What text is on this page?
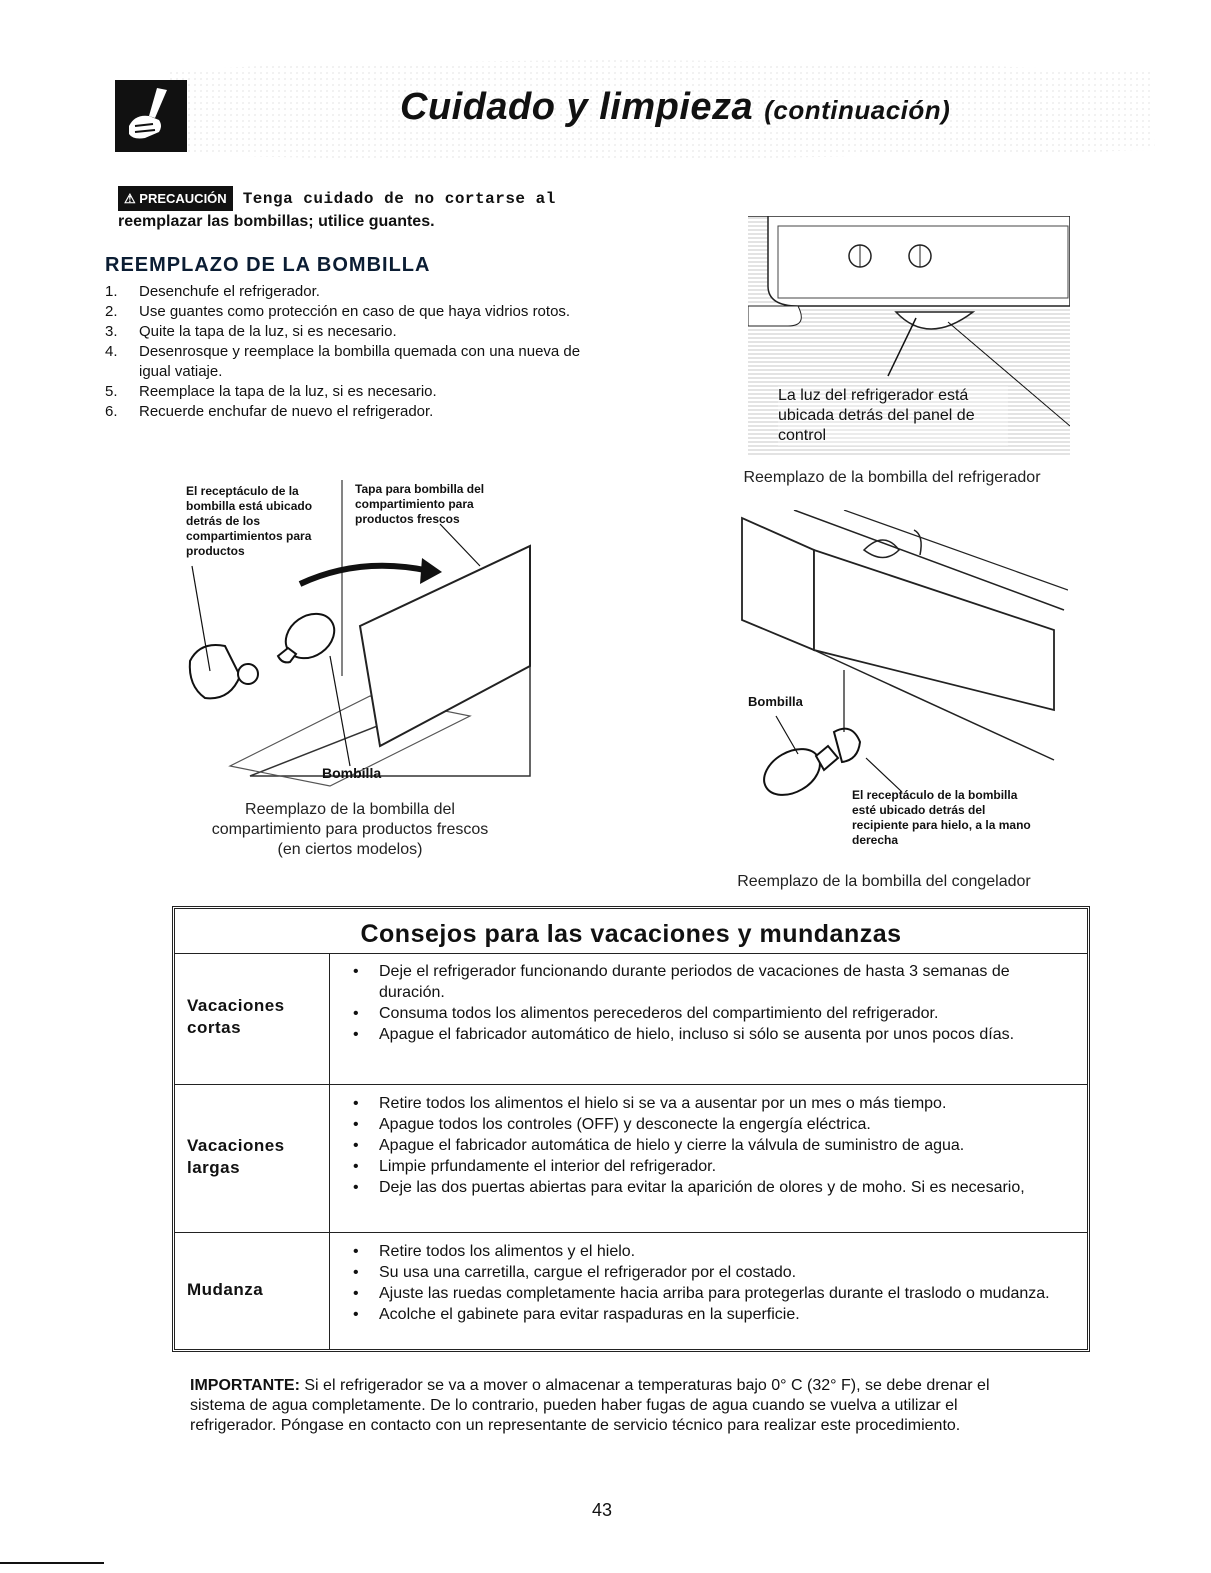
Cuidado y limpieza (continuación)
⚠ PRECAUCIÓN Tenga cuidado de no cortarse al
reemplazar las bombillas; utilice guantes.
REEMPLAZO DE LA BOMBILLA
1. Desenchufe el refrigerador.
2. Use guantes como protección en caso de que haya vidrios rotos.
3. Quite la tapa de la luz, si es necesario.
4. Desenrosque y reemplace la bombilla quemada con una nueva de igual vatiaje.
5. Reemplace la tapa de la luz, si es necesario.
6. Recuerde enchufar de nuevo el refrigerador.
El receptáculo de la bombilla está ubicado detrás de los compartimientos para productos
Tapa para bombilla del compartimiento para productos frescos
Bombilla
Reemplazo de la bombilla del
compartimiento para productos frescos
(en ciertos modelos)
La luz del refrigerador está ubicada detrás del panel de control
Reemplazo de la bombilla del refrigerador
Bombilla
El receptáculo de la bombilla esté ubicado detrás del recipiente para hielo, a la mano derecha
Reemplazo de la bombilla del congelador
Consejos para las vacaciones y mundanzas
Vacaciones cortas
• Deje el refrigerador funcionando durante periodos de vacaciones de hasta 3 semanas de duración.
• Consuma todos los alimentos perecederos del compartimiento del refrigerador.
• Apague el fabricador automático de hielo, incluso si sólo se ausenta por unos pocos días.
Vacaciones largas
• Retire todos los alimentos el hielo si se va a ausentar por un mes o más tiempo.
• Apague todos los controles (OFF) y desconecte la engergía eléctrica.
• Apague el fabricador automática de hielo y cierre la válvula de suministro de agua.
• Limpie prfundamente el interior del refrigerador.
• Deje las dos puertas abiertas para evitar la aparición de olores y de moho. Si es necesario,
Mudanza
• Retire todos los alimentos y el hielo.
• Su usa una carretilla, cargue el refrigerador por el costado.
• Ajuste las ruedas completamente hacia arriba para protegerlas durante el traslodo o mudanza.
• Acolche el gabinete para evitar raspaduras en la superficie.
IMPORTANTE: Si el refrigerador se va a mover o almacenar a temperaturas bajo 0° C (32° F), se debe drenar el sistema de agua completamente. De lo contrario, pueden haber fugas de agua cuando se vuelva a utilizar el refrigerador. Póngase en contacto con un representante de servicio técnico para realizar este procedimiento.
43
